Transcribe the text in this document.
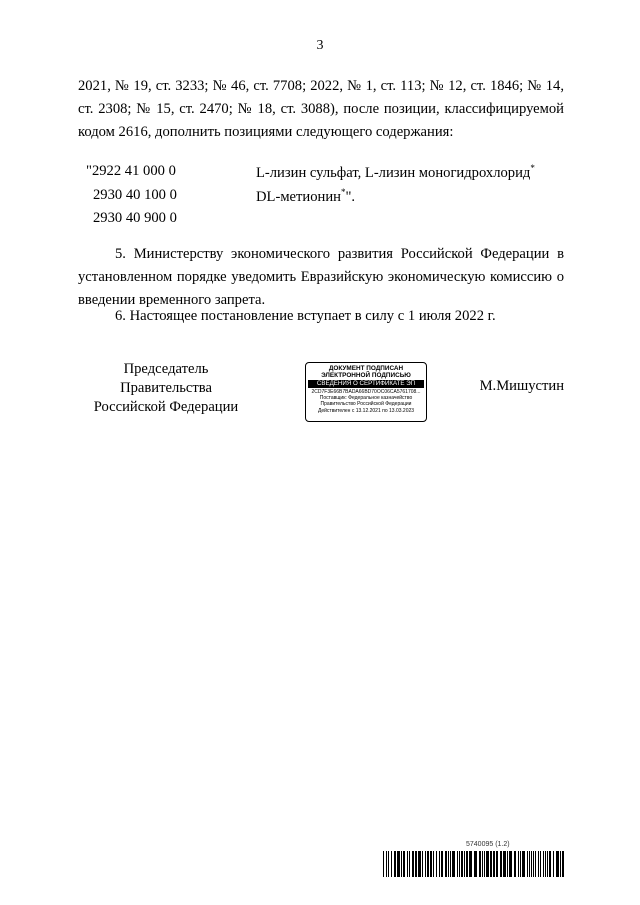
3
2021, № 19, ст. 3233; № 46, ст. 7708; 2022, № 1, ст. 113; № 12, ст. 1846; № 14, ст. 2308; № 15, ст. 2470; № 18, ст. 3088), после позиции, классифицируемой кодом 2616, дополнить позициями следующего содержания:
"2922 41 000 0	L-лизин сульфат, L-лизин моногидрохлорид*
2930 40 100 0	DL-метионин*".
2930 40 900 0
5. Министерству экономического развития Российской Федерации в установленном порядке уведомить Евразийскую экономическую комиссию о введении временного запрета.
6. Настоящее постановление вступает в силу с 1 июля 2022 г.
Председатель Правительства
Российской Федерации
ДОКУМЕНТ ПОДПИСАН
ЭЛЕКТРОННОЙ ПОДПИСЬЮ
СВЕДЕНИЯ О СЕРТИФИКАТЕ ЭП
2CD7F3E66B7BADA66BD70OC06CA5761708...
Поставщик: Федеральное казначейство
Правительство Российской Федерации
Действителен с 13.12.2021 по 13.03.2023
М.Мишустин
5740095 (1.2)
